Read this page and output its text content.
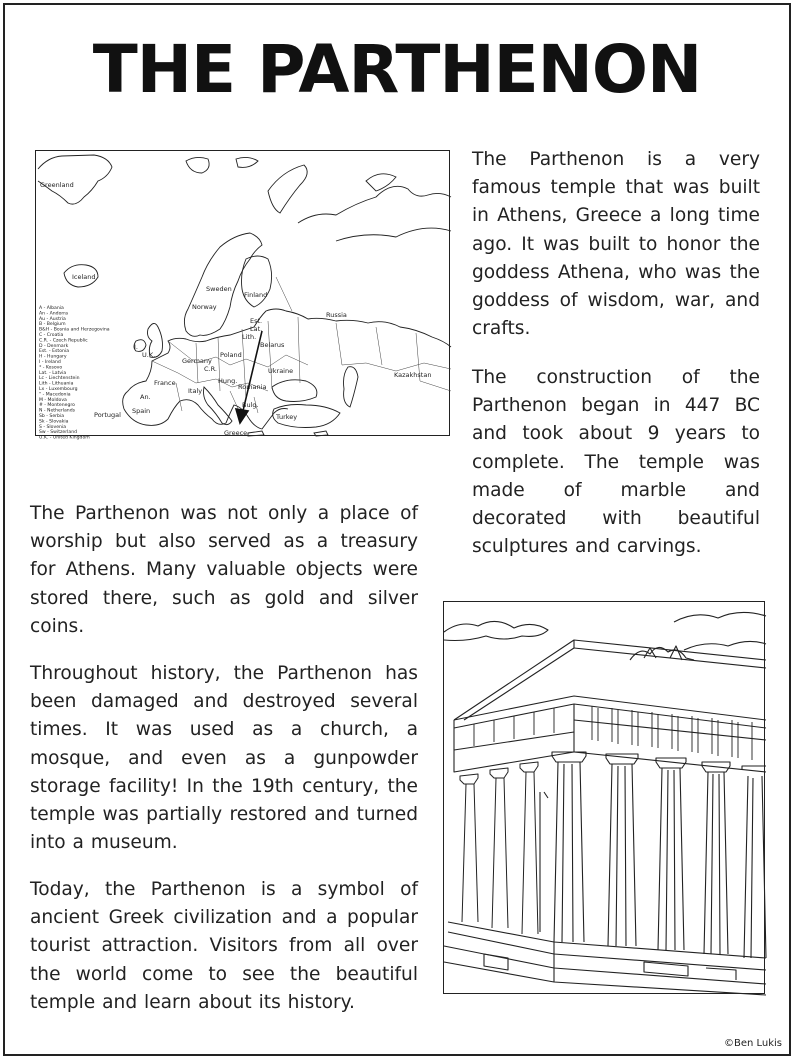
THE PARTHENON
Greenland
Iceland
Russia
Kazakhstan
Finland
Sweden
Norway
Germany
Poland
Ukraine
Belarus
France
Spain
Portugal
Italy	Romania
Turkey
Greece
U.K.
I.
C.R.
Est.
Lat.
Lith.
Bulg.
Hung.
An.
A - Albania
An - Andorra
Au - Austria
B - Belgium
B&H - Bosnia and Herzegovina
C - Croatia
C.R. - Czech Republic
D - Denmark
Est. - Estonia
H - Hungary
I - Ireland
* - Kosovo
Lat. - Latvia
Lc - Liechtenstein
Lith - Lithuania
Lx - Luxembourg
" - Macedonia
M - Moldova
# - Montenegro
N - Netherlands
Sb - Serbia
Sk - Slovakia
S - Slovenia
Sw - Switzerland
U.K. - United Kingdom

The Parthenon is a very famous temple that was built in Athens, Greece a long time ago. It was built to honor the goddess Athena, who was the goddess of wisdom, war, and crafts.

The construction of the Parthenon began in 447 BC and took about 9 years to complete. The temple was made of marble and decorated with beautiful sculptures and carvings.

The Parthenon was not only a place of worship but also served as a treasury for Athens. Many valuable objects were stored there, such as gold and silver coins.

Throughout history, the Parthenon has been damaged and destroyed several times. It was used as a church, a mosque, and even as a gunpowder storage facility! In the 19th century, the temple was partially restored and turned into a museum.

Today, the Parthenon is a symbol of ancient Greek civilization and a popular tourist attraction. Visitors from all over the world come to see the beautiful temple and learn about its history.

©Ben Lukis
